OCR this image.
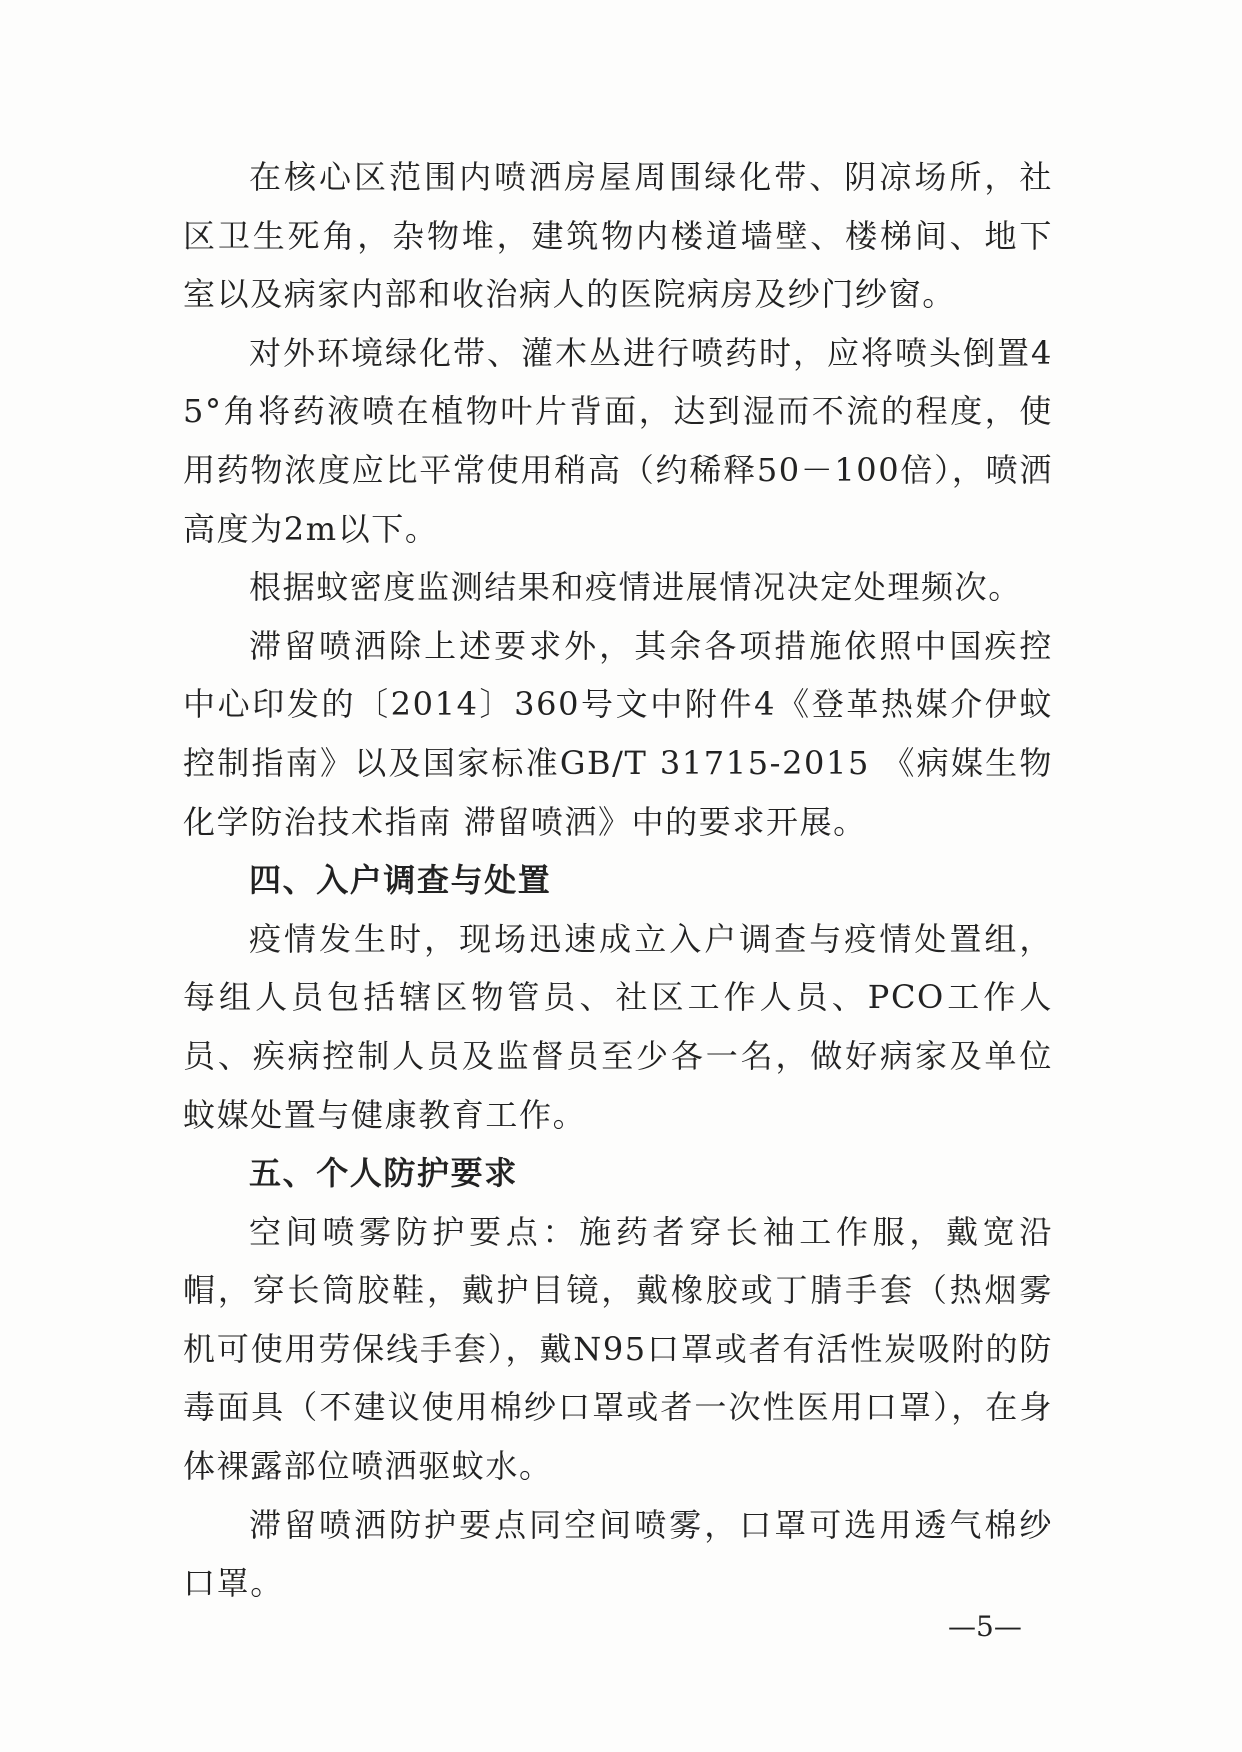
在核心区范围内喷洒房屋周围绿化带、阴凉场所，社区卫生死角，杂物堆，建筑物内楼道墙壁、楼梯间、地下室以及病家内部和收治病人的医院病房及纱门纱窗。

对外环境绿化带、灌木丛进行喷药时，应将喷头倒置45°角将药液喷在植物叶片背面，达到湿而不流的程度，使用药物浓度应比平常使用稍高（约稀释50－100倍），喷洒高度为2m以下。

根据蚊密度监测结果和疫情进展情况决定处理频次。

滞留喷洒除上述要求外，其余各项措施依照中国疾控中心印发的〔2014〕360号文中附件4《登革热媒介伊蚊控制指南》以及国家标准GB/T 31715-2015 《病媒生物化学防治技术指南 滞留喷洒》中的要求开展。

四、入户调查与处置

疫情发生时，现场迅速成立入户调查与疫情处置组，每组人员包括辖区物管员、社区工作人员、PCO工作人员、疾病控制人员及监督员至少各一名，做好病家及单位蚊媒处置与健康教育工作。

五、个人防护要求

空间喷雾防护要点：施药者穿长袖工作服，戴宽沿帽，穿长筒胶鞋，戴护目镜，戴橡胶或丁腈手套（热烟雾机可使用劳保线手套），戴N95口罩或者有活性炭吸附的防毒面具（不建议使用棉纱口罩或者一次性医用口罩），在身体裸露部位喷洒驱蚊水。

滞留喷洒防护要点同空间喷雾，口罩可选用透气棉纱口罩。

—5—
